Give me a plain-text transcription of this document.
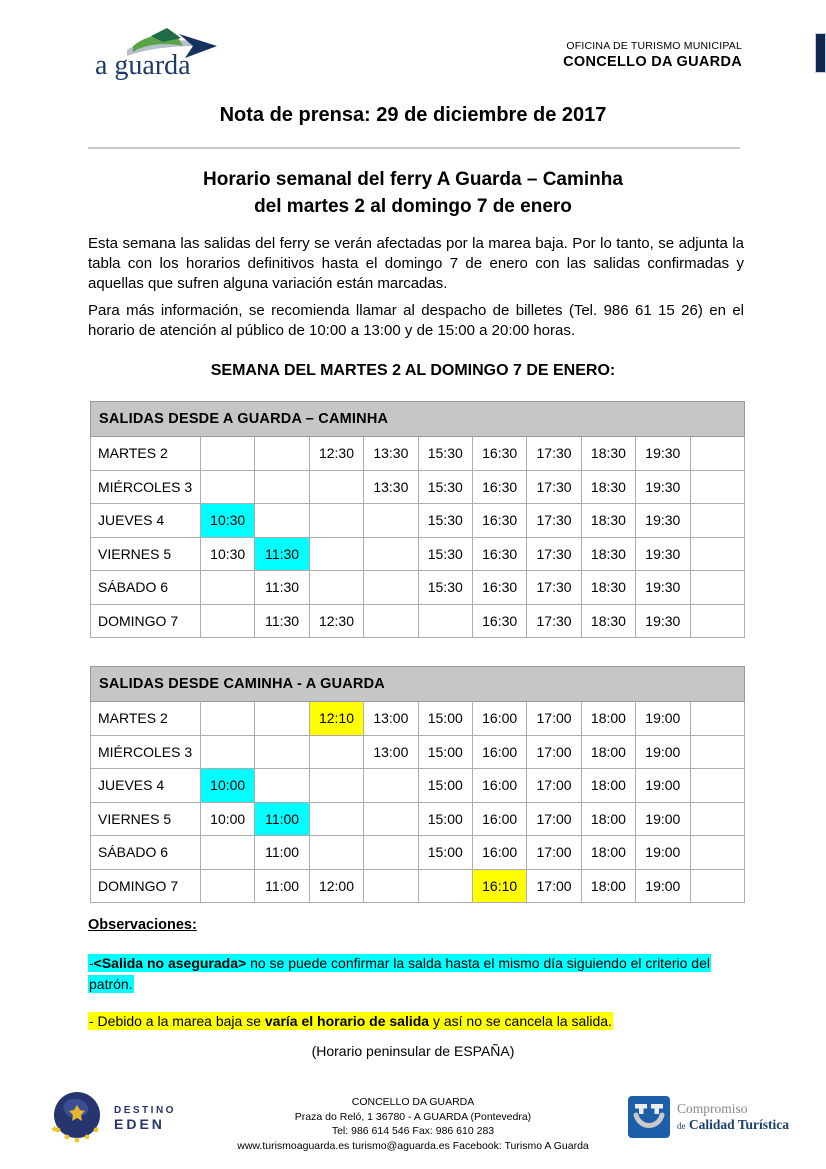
a guarda
OFICINA DE TURISMO MUNICIPAL
CONCELLO DA GUARDA
Nota de prensa: 29 de diciembre de 2017
Horario semanal del ferry A Guarda – Caminha
del martes 2 al domingo 7 de enero
Esta semana las salidas del ferry se verán afectadas por la marea baja. Por lo tanto, se adjunta la tabla con los horarios definitivos hasta el domingo 7 de enero con las salidas confirmadas y aquellas que sufren alguna variación están marcadas.
Para más información, se recomienda llamar al despacho de billetes (Tel. 986 61 15 26) en el horario de atención al público de 10:00 a 13:00 y de 15:00 a 20:00 horas.
SEMANA DEL MARTES 2 AL DOMINGO 7 DE ENERO:
SALIDAS DESDE A GUARDA – CAMINHA										
MARTES 2			12:30	13:30	15:30	16:30	17:30	18:30	19:30	
MIÉRCOLES 3				13:30	15:30	16:30	17:30	18:30	19:30	
JUEVES 4	10:30				15:30	16:30	17:30	18:30	19:30	
VIERNES 5	10:30	11:30			15:30	16:30	17:30	18:30	19:30	
SÁBADO 6		11:30			15:30	16:30	17:30	18:30	19:30	
DOMINGO 7		11:30	12:30			16:30	17:30	18:30	19:30	
SALIDAS DESDE CAMINHA - A GUARDA										
MARTES 2			12:10	13:00	15:00	16:00	17:00	18:00	19:00	
MIÉRCOLES 3				13:00	15:00	16:00	17:00	18:00	19:00	
JUEVES 4	10:00				15:00	16:00	17:00	18:00	19:00	
VIERNES 5	10:00	11:00			15:00	16:00	17:00	18:00	19:00	
SÁBADO 6		11:00			15:00	16:00	17:00	18:00	19:00	
DOMINGO 7		11:00	12:00			16:10	17:00	18:00	19:00	
Observaciones:
-<Salida no asegurada> no se puede confirmar la salda hasta el mismo día siguiendo el criterio del patrón.
- Debido a la marea baja se varía el horario de salida y así no se cancela la salida.
(Horario peninsular de ESPAÑA)
DESTINO
EDEN
CONCELLO DA GUARDA
Praza do Reló, 1 36780 - A GUARDA (Pontevedra)
Tel: 986 614 546 Fax: 986 610 283
www.turismoaguarda.es turismo@aguarda.es Facebook: Turismo A Guarda
Compromiso
de Calidad Turística
